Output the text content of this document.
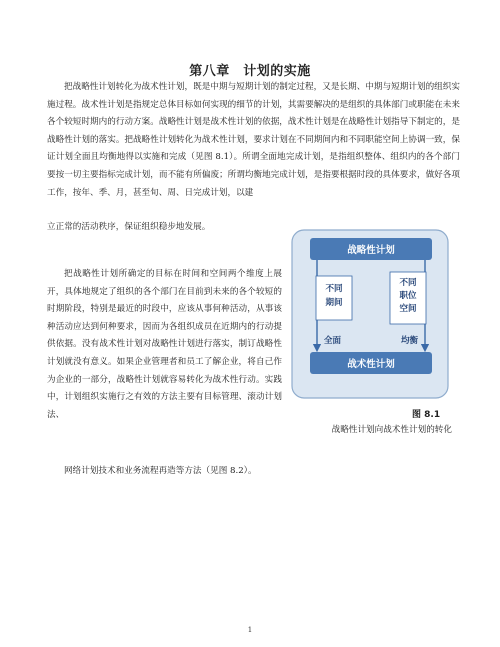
第八章　计划的实施

把战略性计划转化为战术性计划，既是中期与短期计划的制定过程，又是长期、中期与短期计划的组织实施过程。战术性计划是指规定总体目标如何实现的细节的计划，其需要解决的是组织的具体部门或职能在未来各个较短时期内的行动方案。战略性计划是战术性计划的依据，战术性计划是在战略性计划指导下制定的，是战略性计划的落实。把战略性计划转化为战术性计划，要求计划在不同期间内和不同职能空间上协调一致，保证计划全面且均衡地得以实施和完成（见图 8.1）。所谓全面地完成计划，是指组织整体、组织内的各个部门要按一切主要指标完成计划，而不能有所偏废；所谓均衡地完成计划，是指要根据时段的具体要求，做好各项工作，按年、季、月，甚至旬、周、日完成计划，以建

立正常的活动秩序，保证组织稳步地发展。

把战略性计划所确定的目标在时间和空间两个维度上展开，具体地规定了组织的各个部门在目前到未来的各个较短的时期阶段，特别是最近的时段中，应该从事何种活动，从事该种活动应达到何种要求，因而为各组织成员在近期内的行动提供依据。没有战术性计划对战略性计划进行落实，制订战略性计划就没有意义。如果企业管理者和员工了解企业，将自己作为企业的一部分，战略性计划就容易转化为战术性行动。实践中，计划组织实施行之有效的方法主要有目标管理、滚动计划法、

网络计划技术和业务流程再造等方法（见图 8.2）。

战略性计划
不同
期间
不同
职位
空间
全面	均衡
战术性计划
图 8.1
战略性计划向战术性计划的转化
1
